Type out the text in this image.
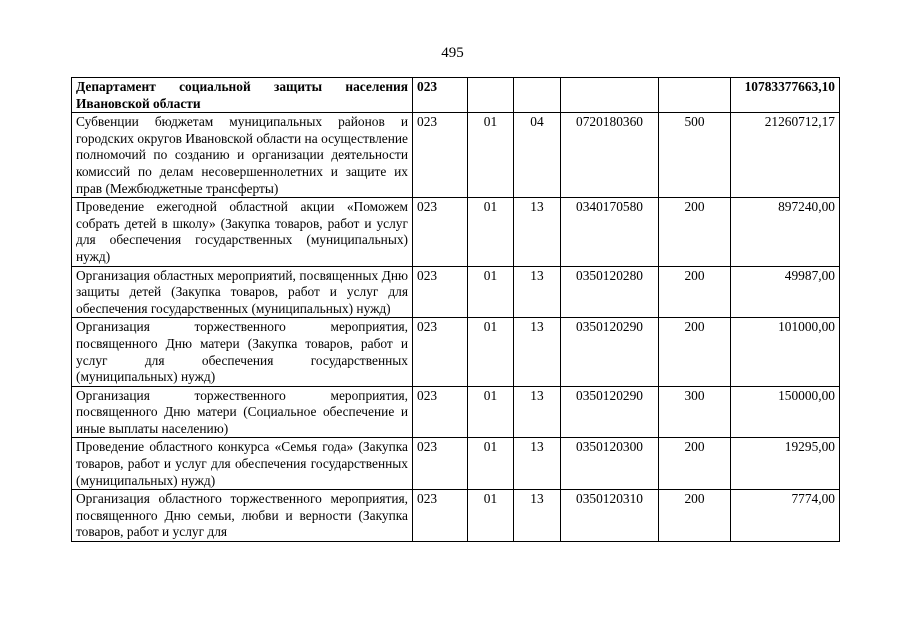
495
Департамент социальной защиты населения Ивановской области	023					10783377663,10
Субвенции бюджетам муниципальных районов и городских округов Ивановской области на осуществление полномочий по созданию и организации деятельности комиссий по делам несовершеннолетних и защите их прав (Межбюджетные трансферты)	023	01	04	0720180360	500	21260712,17
Проведение ежегодной областной акции «Поможем собрать детей в школу» (Закупка товаров, работ и услуг для обеспечения государственных (муниципальных) нужд)	023	01	13	0340170580	200	897240,00
Организация областных мероприятий, посвященных Дню защиты детей (Закупка товаров, работ и услуг для обеспечения государственных (муниципальных) нужд)	023	01	13	0350120280	200	49987,00
Организация торжественного мероприятия, посвященного Дню матери (Закупка товаров, работ и услуг для обеспечения государственных (муниципальных) нужд)	023	01	13	0350120290	200	101000,00
Организация торжественного мероприятия, посвященного Дню матери (Социальное обеспечение и иные выплаты населению)	023	01	13	0350120290	300	150000,00
Проведение областного конкурса «Семья года» (Закупка товаров, работ и услуг для обеспечения государственных (муниципальных) нужд)	023	01	13	0350120300	200	19295,00
Организация областного торжественного мероприятия, посвященного Дню семьи, любви и верности (Закупка товаров, работ и услуг для	023	01	13	0350120310	200	7774,00
